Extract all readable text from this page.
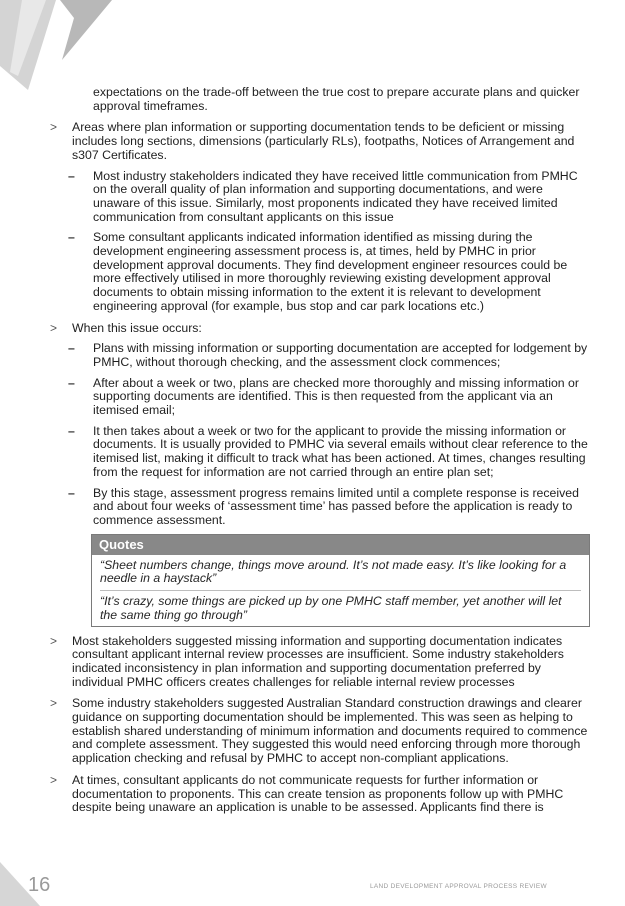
expectations on the trade-off between the true cost to prepare accurate plans and quicker approval timeframes.

> Areas where plan information or supporting documentation tends to be deficient or missing includes long sections, dimensions (particularly RLs), footpaths, Notices of Arrangement and s307 Certificates.
– Most industry stakeholders indicated they have received little communication from PMHC on the overall quality of plan information and supporting documentations, and were unaware of this issue. Similarly, most proponents indicated they have received limited communication from consultant applicants on this issue
– Some consultant applicants indicated information identified as missing during the development engineering assessment process is, at times, held by PMHC in prior development approval documents. They find development engineer resources could be more effectively utilised in more thoroughly reviewing existing development approval documents to obtain missing information to the extent it is relevant to development engineering approval (for example, bus stop and car park locations etc.)
> When this issue occurs:
– Plans with missing information or supporting documentation are accepted for lodgement by PMHC, without thorough checking, and the assessment clock commences;
– After about a week or two, plans are checked more thoroughly and missing information or supporting documents are identified. This is then requested from the applicant via an itemised email;
– It then takes about a week or two for the applicant to provide the missing information or documents. It is usually provided to PMHC via several emails without clear reference to the itemised list, making it difficult to track what has been actioned. At times, changes resulting from the request for information are not carried through an entire plan set;
– By this stage, assessment progress remains limited until a complete response is received and about four weeks of ‘assessment time’ has passed before the application is ready to commence assessment.
Quotes
“Sheet numbers change, things move around. It’s not made easy. It’s like looking for a needle in a haystack”
“It’s crazy, some things are picked up by one PMHC staff member, yet another will let the same thing go through”
> Most stakeholders suggested missing information and supporting documentation indicates consultant applicant internal review processes are insufficient. Some industry stakeholders indicated inconsistency in plan information and supporting documentation preferred by individual PMHC officers creates challenges for reliable internal review processes
> Some industry stakeholders suggested Australian Standard construction drawings and clearer guidance on supporting documentation should be implemented. This was seen as helping to establish shared understanding of minimum information and documents required to commence and complete assessment. They suggested this would need enforcing through more thorough application checking and refusal by PMHC to accept non-compliant applications.
> At times, consultant applicants do not communicate requests for further information or documentation to proponents. This can create tension as proponents follow up with PMHC despite being unaware an application is unable to be assessed. Applicants find there is
16	LAND DEVELOPMENT APPROVAL PROCESS REVIEW
